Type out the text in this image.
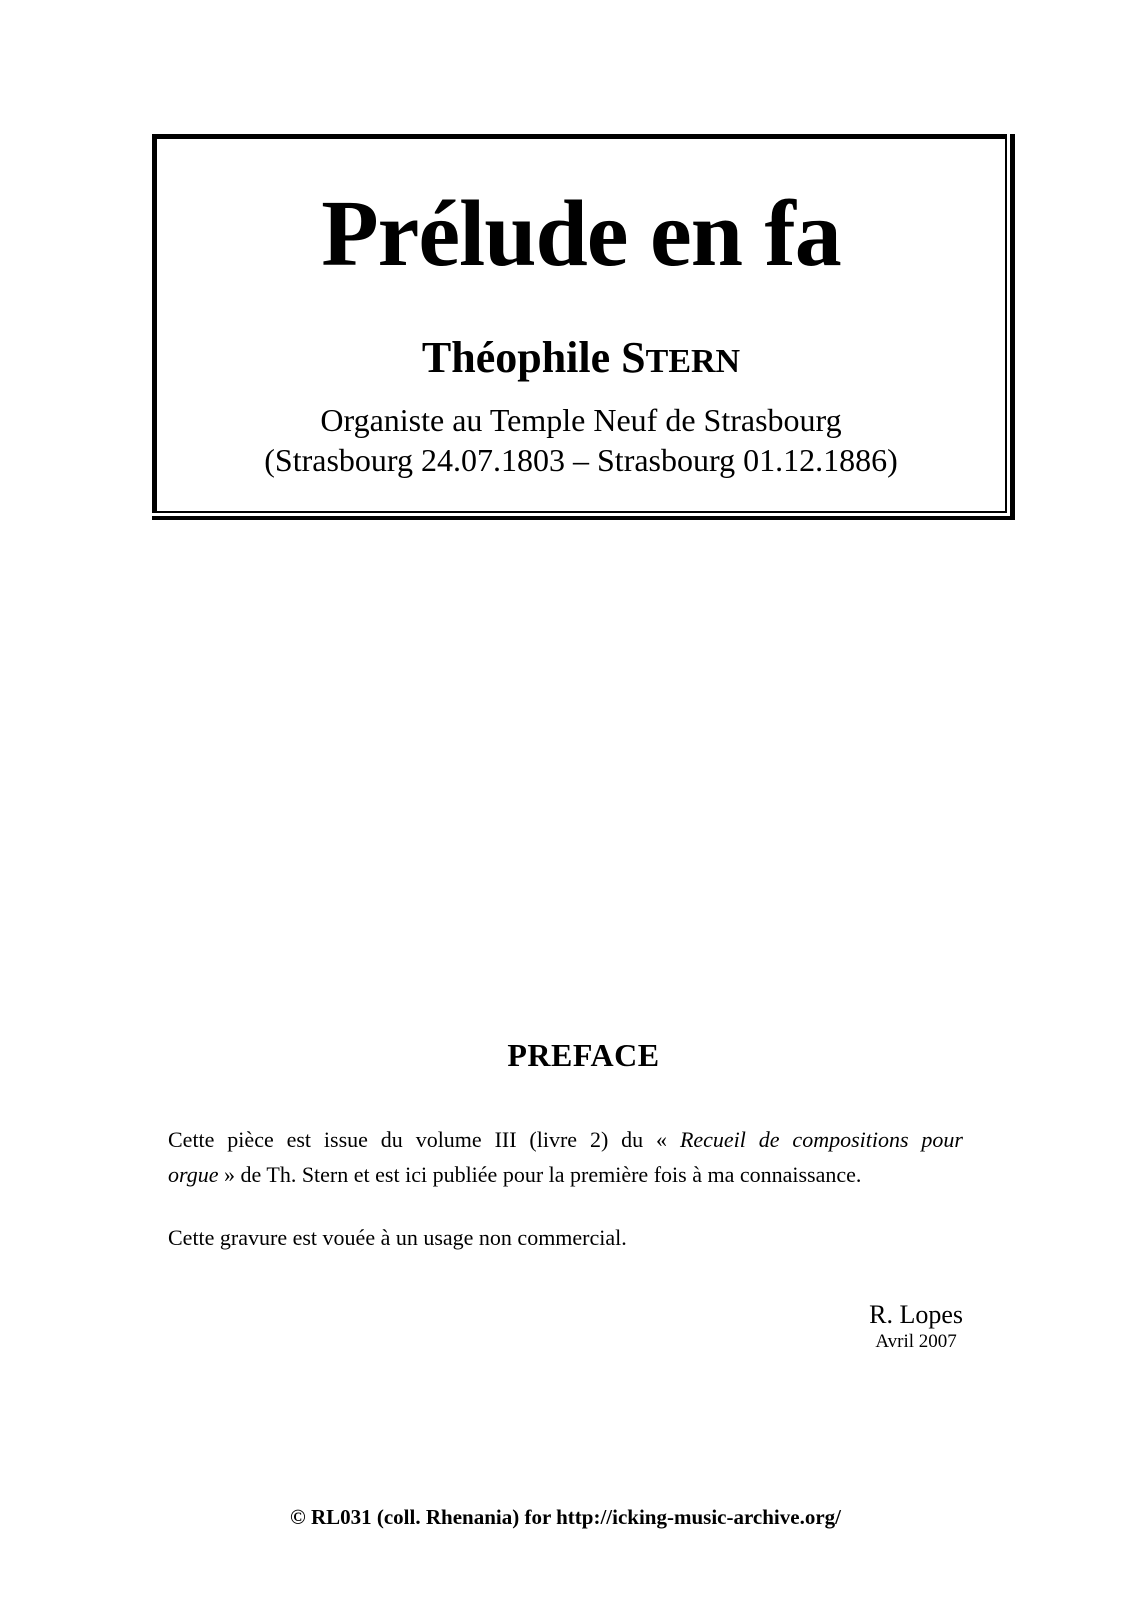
Prélude en fa
Théophile STERN
Organiste au Temple Neuf de Strasbourg
(Strasbourg 24.07.1803 – Strasbourg 01.12.1886)
PREFACE
Cette pièce est issue du volume III (livre 2) du « Recueil de compositions pour
orgue » de Th. Stern et est ici publiée pour la première fois à ma connaissance.
Cette gravure est vouée à un usage non commercial.
R. Lopes
Avril 2007
© RL031 (coll. Rhenania) for http://icking-music-archive.org/
